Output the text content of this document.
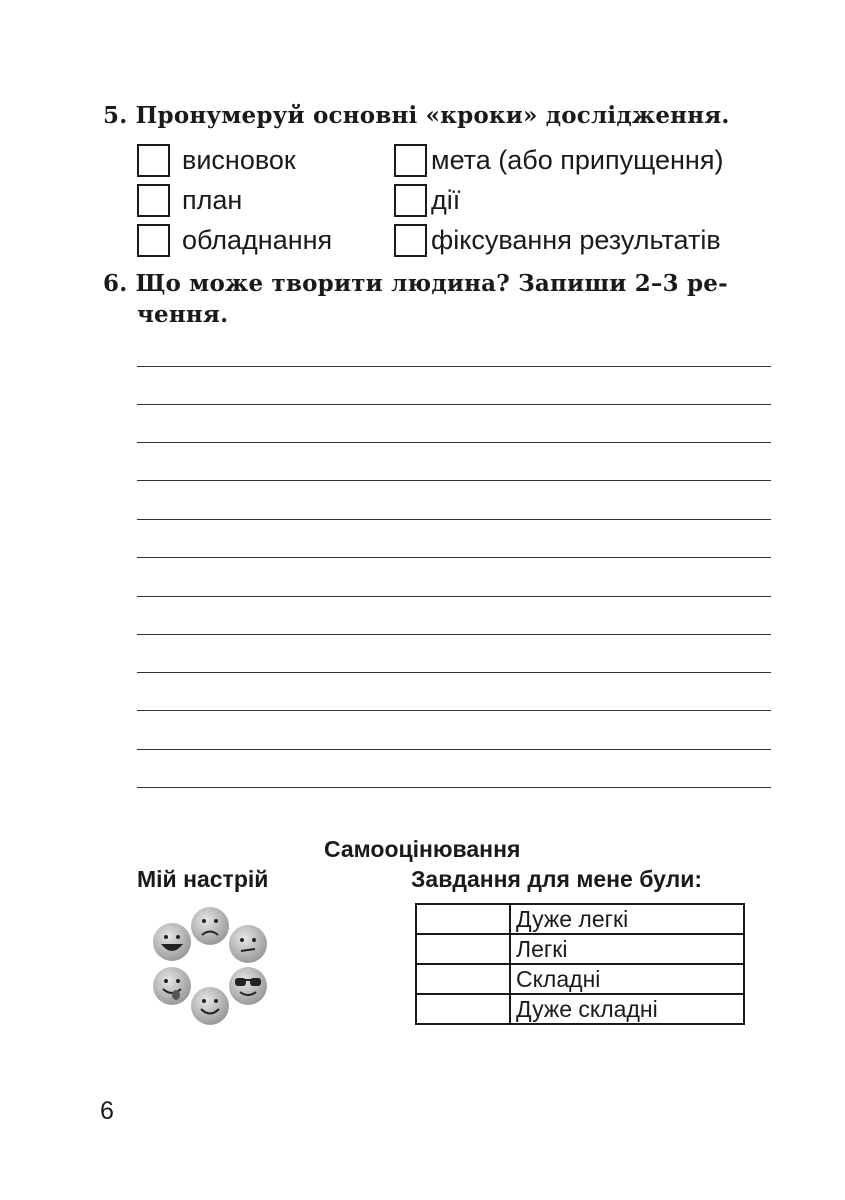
5. Пронумеруй основні «кроки» дослідження.
висновок	мета (або припущення)
план	дії
обладнання	фіксування результатів
6. Що може творити людина? Запиши 2–3 ре-
чення.
Самооцінювання
Мій настрій	Завдання для мене були:
	Дуже легкі
	Легкі
	Складні
	Дуже складні
6
